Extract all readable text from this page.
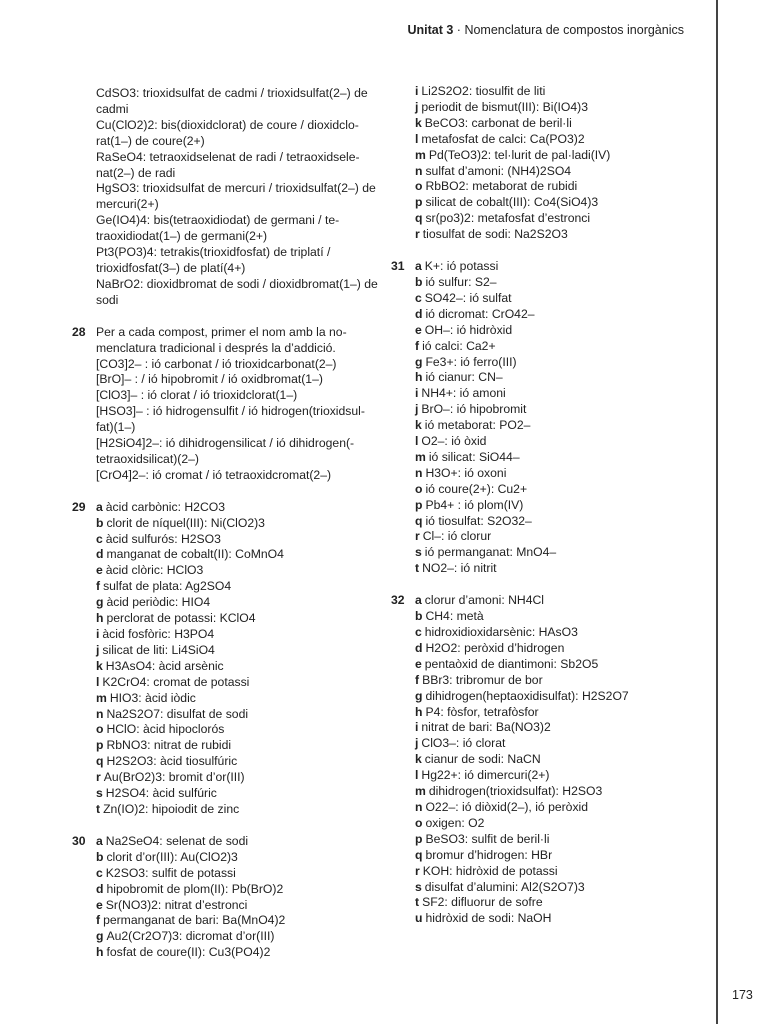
Unitat 3 · Nomenclatura de compostos inorgànics
CdSO3: trioxidsulfat de cadmi / trioxidsulfat(2–) de cadmi
Cu(ClO2)2: bis(dioxidclorat) de coure / dioxidclo-rat(1–) de coure(2+)
RaSeO4: tetraoxidselenat de radi / tetraoxidsele-nat(2–) de radi
HgSO3: trioxidsulfat de mercuri / trioxidsulfat(2–) de mercuri(2+)
Ge(IO4)4: bis(tetraoxidiodat) de germani / te-traoxidiodat(1–) de germani(2+)
Pt3(PO3)4: tetrakis(trioxidfosfat) de triplatí / trioxidfosfat(3–) de platí(4+)
NaBrO2: dioxidbromat de sodi / dioxidbromat(1–) de sodi
28 Per a cada compost, primer el nom amb la no-menclatura tradicional i després la d’addició.
[CO3]2– : ió carbonat / ió trioxidcarbonat(2–)
[BrO]– : / ió hipobromit / ió oxidbromat(1–)
[ClO3]– : ió clorat / ió trioxidclorat(1–)
[HSO3]– : ió hidrogensulfit / ió hidrogen(trioxidsul-fat)(1–)
[H2SiO4]2–: ió dihidrogensilicat / ió dihidrogen(-tetraoxidsilicat)(2–)
[CrO4]2–: ió cromat / ió tetraoxidcromat(2–)
29 a àcid carbònic: H2CO3
b clorit de níquel(III): Ni(ClO2)3
c àcid sulfurós: H2SO3
d manganat de cobalt(II): CoMnO4
e àcid clòric: HClO3
f sulfat de plata: Ag2SO4
g àcid periòdic: HIO4
h perclorat de potassi: KClO4
i àcid fosfòric: H3PO4
j silicat de liti: Li4SiO4
k H3AsO4: àcid arsènic
l K2CrO4: cromat de potassi
m HIO3: àcid iòdic
n Na2S2O7: disulfat de sodi
o HClO: àcid hipoclorós
p RbNO3: nitrat de rubidi
q H2S2O3: àcid tiosulfúric
r Au(BrO2)3: bromit d’or(III)
s H2SO4: àcid sulfúric
t Zn(IO)2: hipoiodit de zinc
30 a Na2SeO4: selenat de sodi
b clorit d’or(III): Au(ClO2)3
c K2SO3: sulfit de potassi
d hipobromit de plom(II): Pb(BrO)2
e Sr(NO3)2: nitrat d’estronci
f permanganat de bari: Ba(MnO4)2
g Au2(Cr2O7)3: dicromat d’or(III)
h fosfat de coure(II): Cu3(PO4)2
i Li2S2O2: tiosulfit de liti
j periodit de bismut(III): Bi(IO4)3
k BeCO3: carbonat de beril·li
l metafosfat de calci: Ca(PO3)2
m Pd(TeO3)2: tel·lurit de pal·ladi(IV)
n sulfat d’amoni: (NH4)2SO4
o RbBO2: metaborat de rubidi
p silicat de cobalt(III): Co4(SiO4)3
q sr(po3)2: metafosfat d’estronci
r tiosulfat de sodi: Na2S2O3
31 a K+: ió potassi
b ió sulfur: S2–
c SO42–: ió sulfat
d ió dicromat: CrO42–
e OH–: ió hidròxid
f ió calci: Ca2+
g Fe3+: ió ferro(III)
h ió cianur: CN–
i NH4+: ió amoni
j BrO–: ió hipobromit
k ió metaborat: PO2–
l O2–: ió òxid
m ió silicat: SiO44–
n H3O+: ió oxoni
o ió coure(2+): Cu2+
p Pb4+ : ió plom(IV)
q ió tiosulfat: S2O32–
r Cl–: ió clorur
s ió permanganat: MnO4–
t NO2–: ió nitrit
32 a clorur d’amoni: NH4Cl
b CH4: metà
c hidroxidioxidarsènic: HAsO3
d H2O2: peròxid d’hidrogen
e pentaòxid de diantimoni: Sb2O5
f BBr3: tribromur de bor
g dihidrogen(heptaoxidisulfat): H2S2O7
h P4: fòsfor, tetrafòsfor
i nitrat de bari: Ba(NO3)2
j ClO3–: ió clorat
k cianur de sodi: NaCN
l Hg22+: ió dimercuri(2+)
m dihidrogen(trioxidsulfat): H2SO3
n O22–: ió diòxid(2–), ió peròxid
o oxigen: O2
p BeSO3: sulfit de beril·li
q bromur d’hidrogen: HBr
r KOH: hidròxid de potassi
s disulfat d’alumini: Al2(S2O7)3
t SF2: difluorur de sofre
u hidròxid de sodi: NaOH
173
